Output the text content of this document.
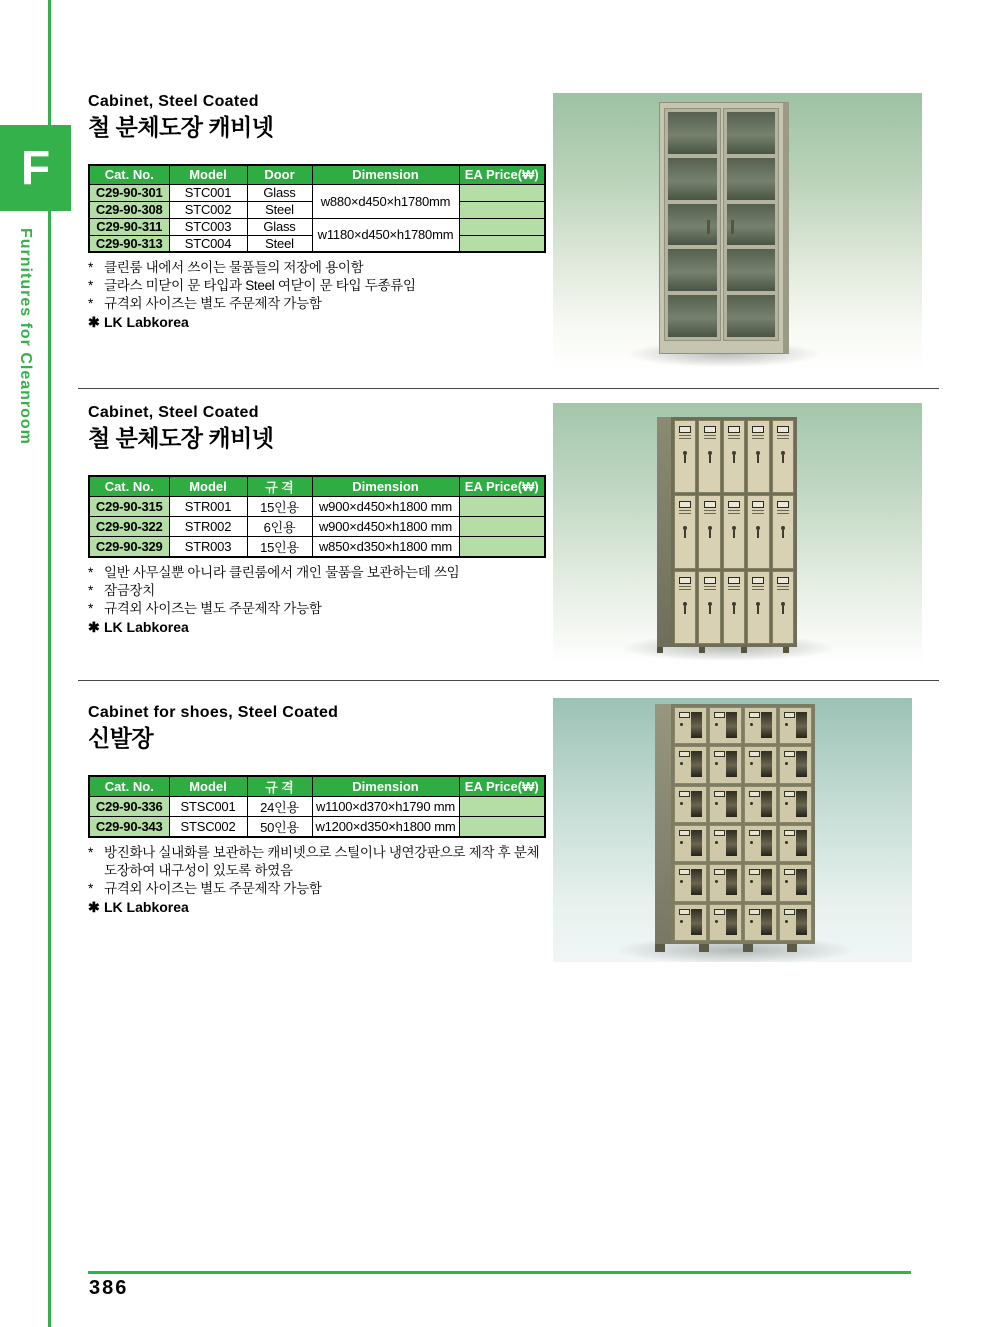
F
Furnitures for Cleanroom
Cabinet, Steel Coated
철 분체도장 캐비넷
Cat. No.	Model	Door	Dimension	EA Price(₩)
C29-90-301	STC001	Glass	w880×d450×h1780mm	
C29-90-308	STC002	Steel		
C29-90-311	STC003	Glass	w1180×d450×h1780mm	
C29-90-313	STC004	Steel		
* 클린룸 내에서 쓰이는 물품들의 저장에 용이함
* 글라스 미닫이 문 타입과 Steel 여닫이 문 타입 두종류임
* 규격외 사이즈는 별도 주문제작 가능함
✱ LK Labkorea
Cabinet, Steel Coated
철 분체도장 캐비넷
Cat. No.	Model	규 격	Dimension	EA Price(₩)
C29-90-315	STR001	15인용	w900×d450×h1800 mm	
C29-90-322	STR002	6인용	w900×d450×h1800 mm	
C29-90-329	STR003	15인용	w850×d350×h1800 mm	
* 일반 사무실뿐 아니라 클린룸에서 개인 물품을 보관하는데 쓰임
* 잠금장치
* 규격외 사이즈는 별도 주문제작 가능함
✱ LK Labkorea
Cabinet for shoes, Steel Coated
신발장
Cat. No.	Model	규 격	Dimension	EA Price(₩)
C29-90-336	STSC001	24인용	w1100×d370×h1790 mm	
C29-90-343	STSC002	50인용	w1200×d350×h1800 mm	
* 방진화나 실내화를 보관하는 캐비넷으로 스틸이나 냉연강판으로 제작 후 분체도장하여 내구성이 있도록 하였음
* 규격외 사이즈는 별도 주문제작 가능함
✱ LK Labkorea
386
